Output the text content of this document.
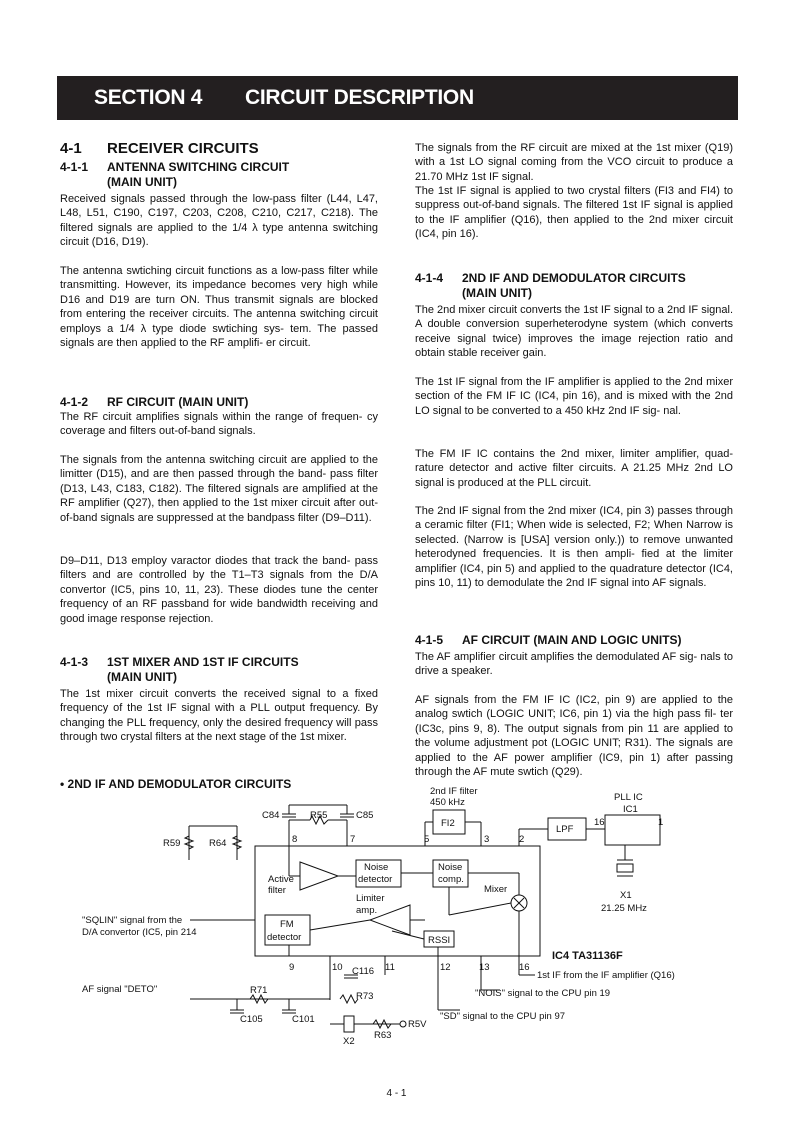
SECTION 4 CIRCUIT DESCRIPTION
4-1 RECEIVER CIRCUITS
4-1-1 ANTENNA SWITCHING CIRCUIT
(MAIN UNIT)
Received signals passed through the low-pass filter (L44, L47, L48, L51, C190, C197, C203, C208, C210, C217, C218). The filtered signals are applied to the 1/4 λ type antenna switching circuit (D16, D19).
The antenna swtiching circuit functions as a low-pass filter while transmitting. However, its impedance becomes very high while D16 and D19 are turn ON. Thus transmit signals are blocked from entering the receiver circuits. The antenna switching circuit employs a 1/4 λ type diode swtiching sys- tem. The passed signals are then applied to the RF amplifi- er circuit.
4-1-2 RF CIRCUIT (MAIN UNIT)
The RF circuit amplifies signals within the range of frequen- cy coverage and filters out-of-band signals.
The signals from the antenna switching circuit are applied to the limitter (D15), and are then passed through the band- pass filter (D13, L43, C183, C182). The filtered signals are amplified at the RF amplifier (Q27), then applied to the 1st mixer circuit after out-of-band signals are suppressed at the bandpass filter (D9–D11).
D9–D11, D13 employ varactor diodes that track the band- pass filters and are controlled by the T1–T3 signals from the D/A convertor (IC5, pins 10, 11, 23). These diodes tune the center frequency of an RF passband for wide bandwidth receiving and good image response rejection.
4-1-3 1ST MIXER AND 1ST IF CIRCUITS
(MAIN UNIT)
The 1st mixer circuit converts the received signal to a fixed frequency of the 1st IF signal with a PLL output frequency. By changing the PLL frequency, only the desired frequency will pass through two crystal filters at the next stage of the 1st mixer.
The signals from the RF circuit are mixed at the 1st mixer (Q19) with a 1st LO signal coming from the VCO circuit to produce a 21.70 MHz 1st IF signal.
The 1st IF signal is applied to two crystal filters (FI3 and FI4) to suppress out-of-band signals. The filtered 1st IF signal is applied to the IF amplifier (Q16), then applied to the 2nd mixer circuit (IC4, pin 16).
4-1-4 2ND IF AND DEMODULATOR CIRCUITS
(MAIN UNIT)
The 2nd mixer circuit converts the 1st IF signal to a 2nd IF signal. A double conversion superheterodyne system (which converts receive signal twice) improves the image rejection ratio and obtain stable receiver gain.
The 1st IF signal from the IF amplifier is applied to the 2nd mixer section of the FM IF IC (IC4, pin 16), and is mixed with the 2nd LO signal to be converted to a 450 kHz 2nd IF sig- nal.
The FM IF IC contains the 2nd mixer, limiter amplifier, quad- rature detector and active filter circuits. A 21.25 MHz 2nd LO signal is produced at the PLL circuit.
The 2nd IF signal from the 2nd mixer (IC4, pin 3) passes through a ceramic filter (FI1; When wide is selected, F2; When Narrow is selected. (Narrow is [USA] version only.)) to remove unwanted heterodyned frequencies. It is then ampli- fied at the limiter amplifier (IC4, pin 5) and applied to the quadrature detector (IC4, pins 10, 11) to demodulate the 2nd IF signal into AF signals.
4-1-5 AF CIRCUIT (MAIN AND LOGIC UNITS)
The AF amplifier circuit amplifies the demodulated AF sig- nals to drive a speaker.
AF signals from the FM IF IC (IC2, pin 9) are applied to the analog swtich (LOGIC UNIT; IC6, pin 1) via the high pass fil- ter (IC3c, pins 9, 8). The output signals from pin 11 are applied to the volume adjustment pot (LOGIC UNIT; R31). The signals are applied to the AF power amplifier (IC9, pin 1) after passing through the AF mute swtich (Q29).
• 2ND IF AND DEMODULATOR CIRCUITS
2nd IF filter
450 kHz
FI2
LPF
PLL IC
IC1
X1
21.25 MHz
C84	R55	C85
R59	R64
Active
filter
Noise
detector
Noise
comp.
Mixer
Limiter
amp.
FM
detector	RSSI
IC4 TA31136F
"SQLIN" signal from the
D/A convertor (IC5, pin 214
AF signal "DETO"	R71
C105	C101
C116
R73
X2
R63
R5V
1st IF from the IF amplifier (Q16)
"NOIS" signal to the CPU pin 19
"SD" signal to the CPU pin 97
8	7	5	3	2
16	1
9	10	11	12	13	16
4 - 1
